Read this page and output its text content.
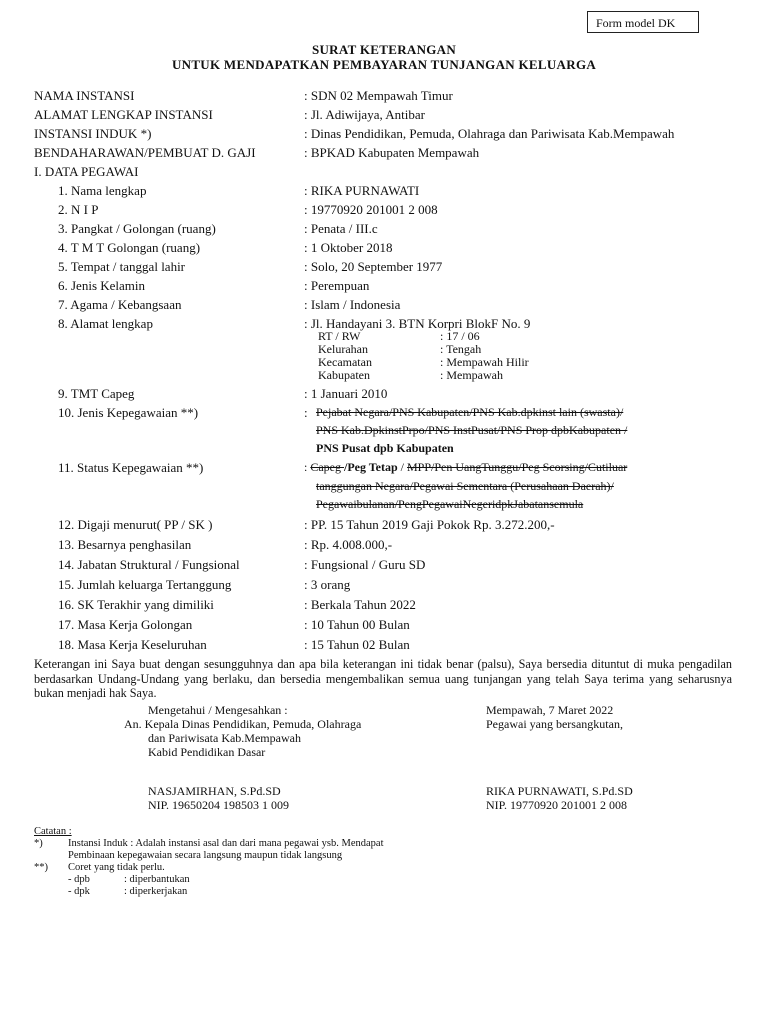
Form model DK
SURAT KETERANGAN
UNTUK MENDAPATKAN PEMBAYARAN TUNJANGAN KELUARGA
NAMA INSTANSI	: SDN 02 Mempawah Timur
ALAMAT LENGKAP INSTANSI	: Jl. Adiwijaya, Antibar
INSTANSI INDUK *)	: Dinas Pendidikan, Pemuda, Olahraga dan Pariwisata Kab.Mempawah
BENDAHARAWAN/PEMBUAT D. GAJI	: BPKAD Kabupaten Mempawah
I. DATA PEGAWAI
1. Nama lengkap	: RIKA PURNAWATI
2. N I P	: 19770920 201001 2 008
3. Pangkat / Golongan (ruang)	: Penata / III.c
4. T M T Golongan (ruang)	: 1 Oktober 2018
5. Tempat / tanggal lahir	: Solo, 20 September 1977
6. Jenis Kelamin	: Perempuan
7. Agama / Kebangsaan	: Islam / Indonesia
8. Alamat lengkap	: Jl. Handayani 3. BTN Korpri BlokF No. 9
RT / RW	: 17 / 06
Kelurahan	: Tengah
Kecamatan	: Mempawah Hilir
Kabupaten	: Mempawah
9. TMT Capeg	: 1 Januari 2010
10. Jenis Kepegawaian **)	: Pejabat Negara/PNS Kabupaten/PNS Kab.dpkinst lain (swasta)/
PNS Kab.DpkinstPrpo/PNS InstPusat/PNS Prop dpbKabupaten /
PNS Pusat dpb Kabupaten
11. Status Kepegawaian **)	: Capeg /Peg Tetap / MPP/Pen UangTunggu/Peg Scorsing/Cutiluar
tanggungan Negara/Pegawai Sementara (Perusahaan Daerah)/
Pegawaibulanan/PengPegawaiNegeridpkJabatansemula
12. Digaji menurut( PP / SK )	: PP. 15 Tahun 2019 Gaji Pokok Rp. 3.272.200,-
13. Besarnya penghasilan	: Rp. 4.008.000,-
14. Jabatan Struktural / Fungsional	: Fungsional / Guru SD
15. Jumlah keluarga Tertanggung	: 3 orang
16. SK Terakhir yang dimiliki	: Berkala Tahun 2022
17. Masa Kerja Golongan	: 10 Tahun 00 Bulan
18. Masa Kerja Keseluruhan	: 15 Tahun 02 Bulan
Keterangan ini Saya buat dengan sesungguhnya dan apa bila keterangan ini tidak benar (palsu), Saya bersedia dituntut di muka pengadilan berdasarkan Undang-Undang yang berlaku, dan bersedia mengembalikan semua uang tunjangan yang telah Saya terima yang seharusnya bukan menjadi hak Saya.
Mengetahui / Mengesahkan :
An. Kepala Dinas Pendidikan, Pemuda, Olahraga
dan Pariwisata Kab.Mempawah
Kabid Pendidikan Dasar
NASJAMIRHAN, S.Pd.SD
NIP. 19650204 198503 1 009
Mempawah, 7 Maret 2022
Pegawai yang bersangkutan,
RIKA PURNAWATI, S.Pd.SD
NIP. 19770920 201001 2 008
Catatan :
*) Instansi Induk : Adalah instansi asal dan dari mana pegawai ysb. Mendapat
Pembinaan kepegawaian secara langsung maupun tidak langsung
**) Coret yang tidak perlu.
- dpb	: diperbantukan
- dpk	: diperkerjakan
